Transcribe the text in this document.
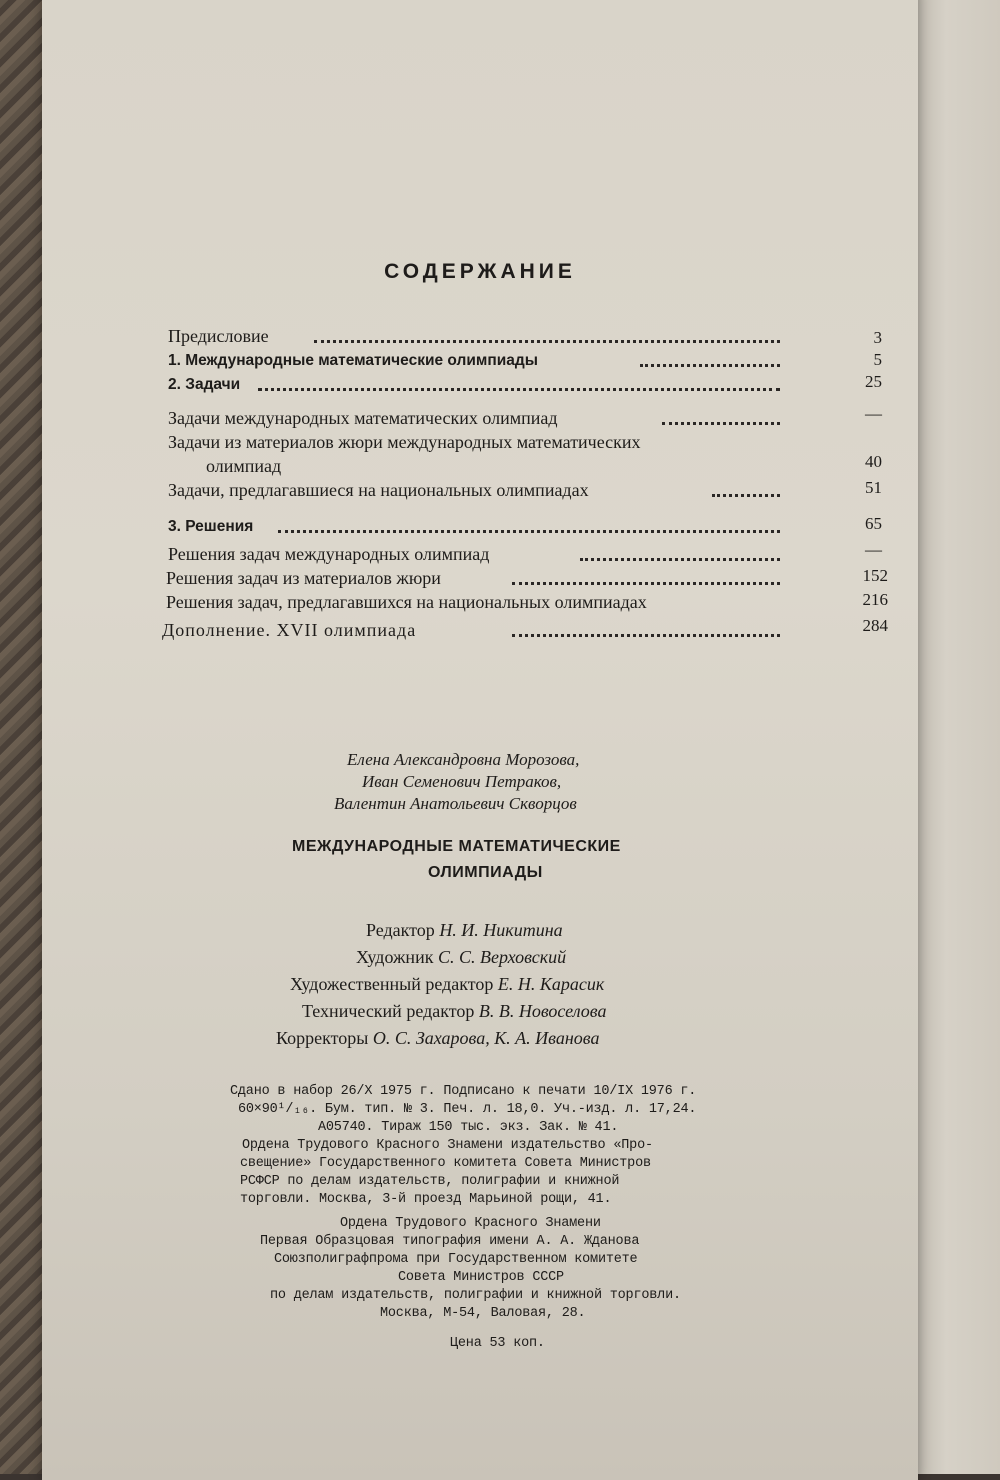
СОДЕРЖАНИЕ
Предисловие	3
1. Международные математические олимпиады	5
2. Задачи	25
Задачи международных математических олимпиад	—
Задачи из материалов жюри международных математических
олимпиад	40
Задачи, предлагавшиеся на национальных олимпиадах	51
3. Решения	65
Решения задач международных олимпиад	—
Решения задач из материалов жюри	152
Решения задач, предлагавшихся на национальных олимпиадах	216
Дополнение. XVII олимпиада	284
Елена Александровна Морозова,
Иван Семенович Петраков,
Валентин Анатольевич Скворцов
МЕЖДУНАРОДНЫЕ МАТЕМАТИЧЕСКИЕ
ОЛИМПИАДЫ
Редактор Н. И. Никитина
Художник С. С. Верховский
Художественный редактор Е. Н. Карасик
Технический редактор В. В. Новоселова
Корректоры О. С. Захарова, К. А. Иванова
Сдано в набор 26/X 1975 г. Подписано к печати 10/IX 1976 г.
60×90¹/₁₆. Бум. тип. № 3. Печ. л. 18,0. Уч.-изд. л. 17,24.
А05740. Тираж 150 тыс. экз. Зак. № 41.
Ордена Трудового Красного Знамени издательство «Про-
свещение» Государственного комитета Совета Министров
РСФСР по делам издательств, полиграфии и книжной
торговли. Москва, 3-й проезд Марьиной рощи, 41.
Ордена Трудового Красного Знамени
Первая Образцовая типография имени А. А. Жданова
Союзполиграфпрома при Государственном комитете
Совета Министров СССР
по делам издательств, полиграфии и книжной торговли.
Москва, М-54, Валовая, 28.
Цена 53 коп.
